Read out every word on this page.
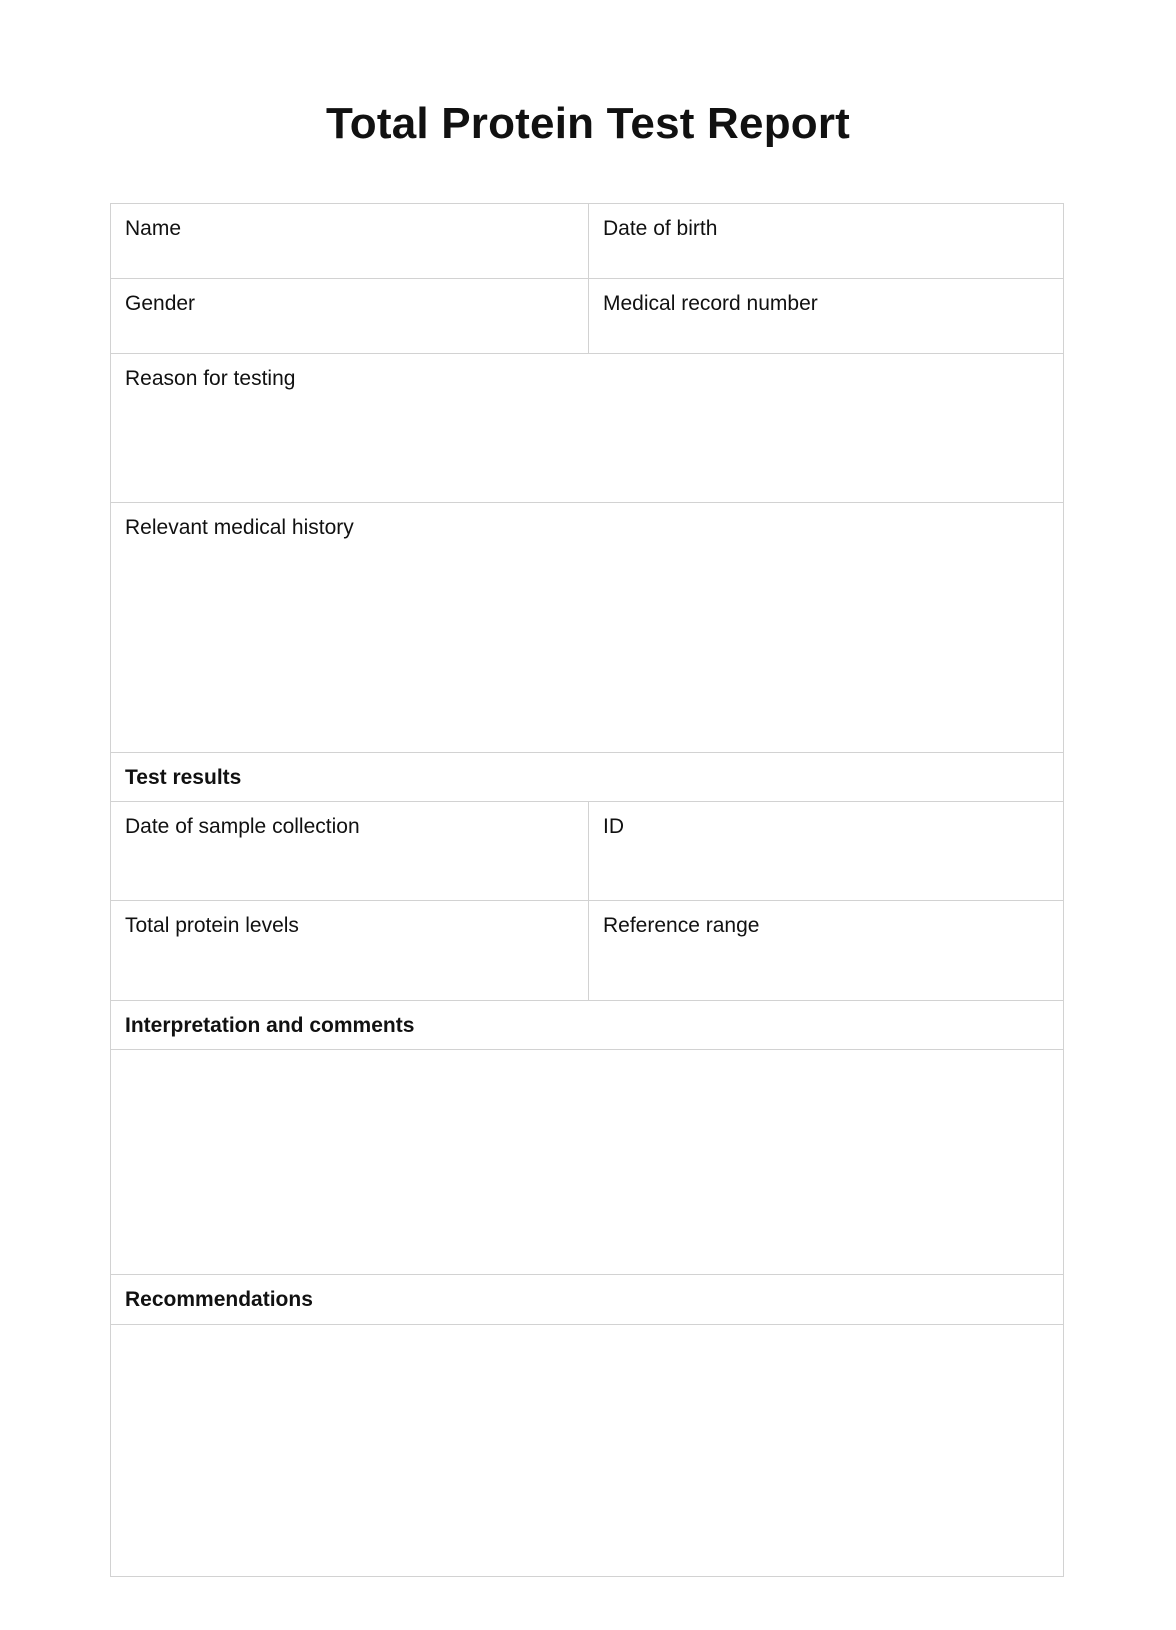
Total Protein Test Report
Name	Date of birth
Gender	Medical record number
Reason for testing
Relevant medical history
Test results
Date of sample collection	ID
Total protein levels	Reference range
Interpretation and comments
Recommendations
